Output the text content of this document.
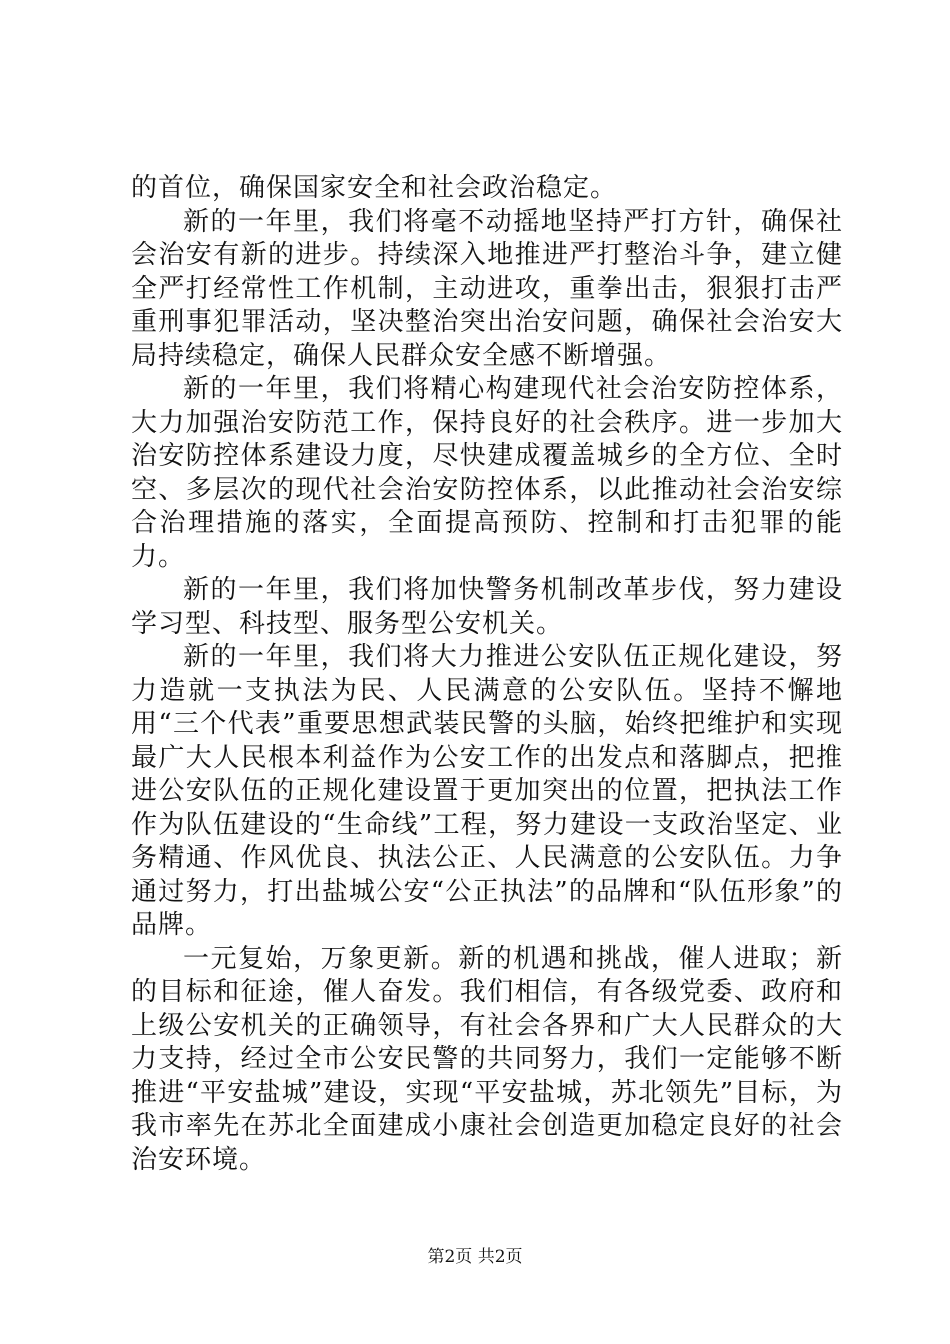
的首位，确保国家安全和社会政治稳定。

新的一年里，我们将毫不动摇地坚持严打方针，确保社会治安有新的进步。持续深入地推进严打整治斗争，建立健全严打经常性工作机制，主动进攻，重拳出击，狠狠打击严重刑事犯罪活动，坚决整治突出治安问题，确保社会治安大局持续稳定，确保人民群众安全感不断增强。

新的一年里，我们将精心构建现代社会治安防控体系，大力加强治安防范工作，保持良好的社会秩序。进一步加大治安防控体系建设力度，尽快建成覆盖城乡的全方位、全时空、多层次的现代社会治安防控体系，以此推动社会治安综合治理措施的落实，全面提高预防、控制和打击犯罪的能力。

新的一年里，我们将加快警务机制改革步伐，努力建设学习型、科技型、服务型公安机关。

新的一年里，我们将大力推进公安队伍正规化建设，努力造就一支执法为民、人民满意的公安队伍。坚持不懈地用“三个代表”重要思想武装民警的头脑，始终把维护和实现最广大人民根本利益作为公安工作的出发点和落脚点，把推进公安队伍的正规化建设置于更加突出的位置，把执法工作作为队伍建设的“生命线”工程，努力建设一支政治坚定、业务精通、作风优良、执法公正、人民满意的公安队伍。力争通过努力，打出盐城公安“公正执法”的品牌和“队伍形象”的品牌。

一元复始，万象更新。新的机遇和挑战，催人进取；新的目标和征途，催人奋发。我们相信，有各级党委、政府和上级公安机关的正确领导，有社会各界和广大人民群众的大力支持，经过全市公安民警的共同努力，我们一定能够不断推进“平安盐城”建设，实现“平安盐城，苏北领先”目标，为我市率先在苏北全面建成小康社会创造更加稳定良好的社会治安环境。

第2页 共2页
